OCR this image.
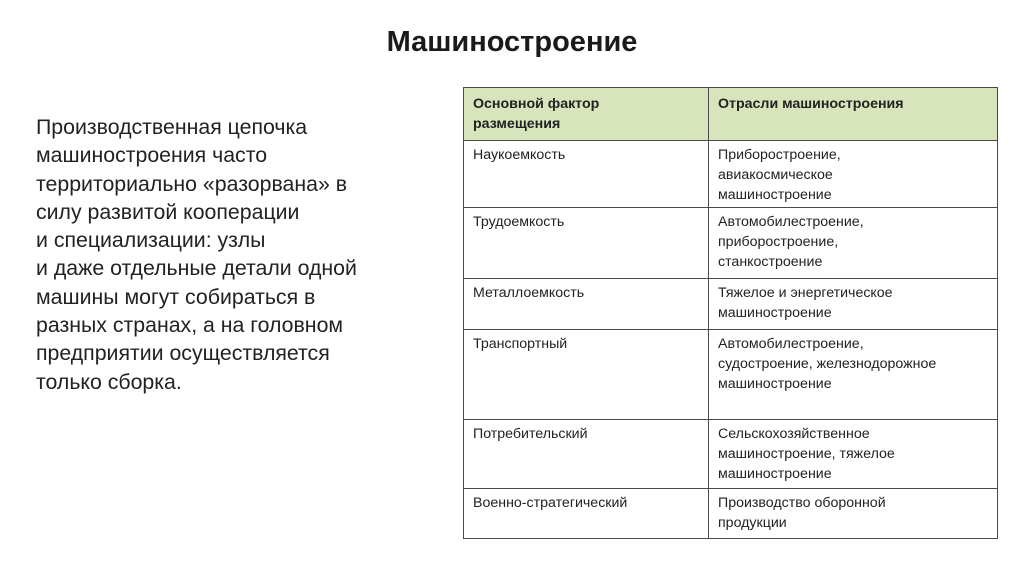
Машиностроение
Производственная цепочка
машиностроения часто
территориально «разорвана» в
силу развитой кооперации
и специализации: узлы
и даже отдельные детали одной
машины могут собираться в
разных странах, а на головном
предприятии осуществляется
только сборка.
Основной фактор
размещения	Отрасли машиностроения
Наукоемкость	Приборостроение,
авиакосмическое
машиностроение

Трудоемкость	Автомобилестроение,
приборостроение,
станкостроение

Металлоемкость	Тяжелое и энергетическое
машиностроение

Транспортный	Автомобилестроение,
судостроение, железнодорожное
машиностроение

Потребительский	Сельскохозяйственное
машиностроение, тяжелое
машиностроение

Военно-стратегический	Производство оборонной
продукции
